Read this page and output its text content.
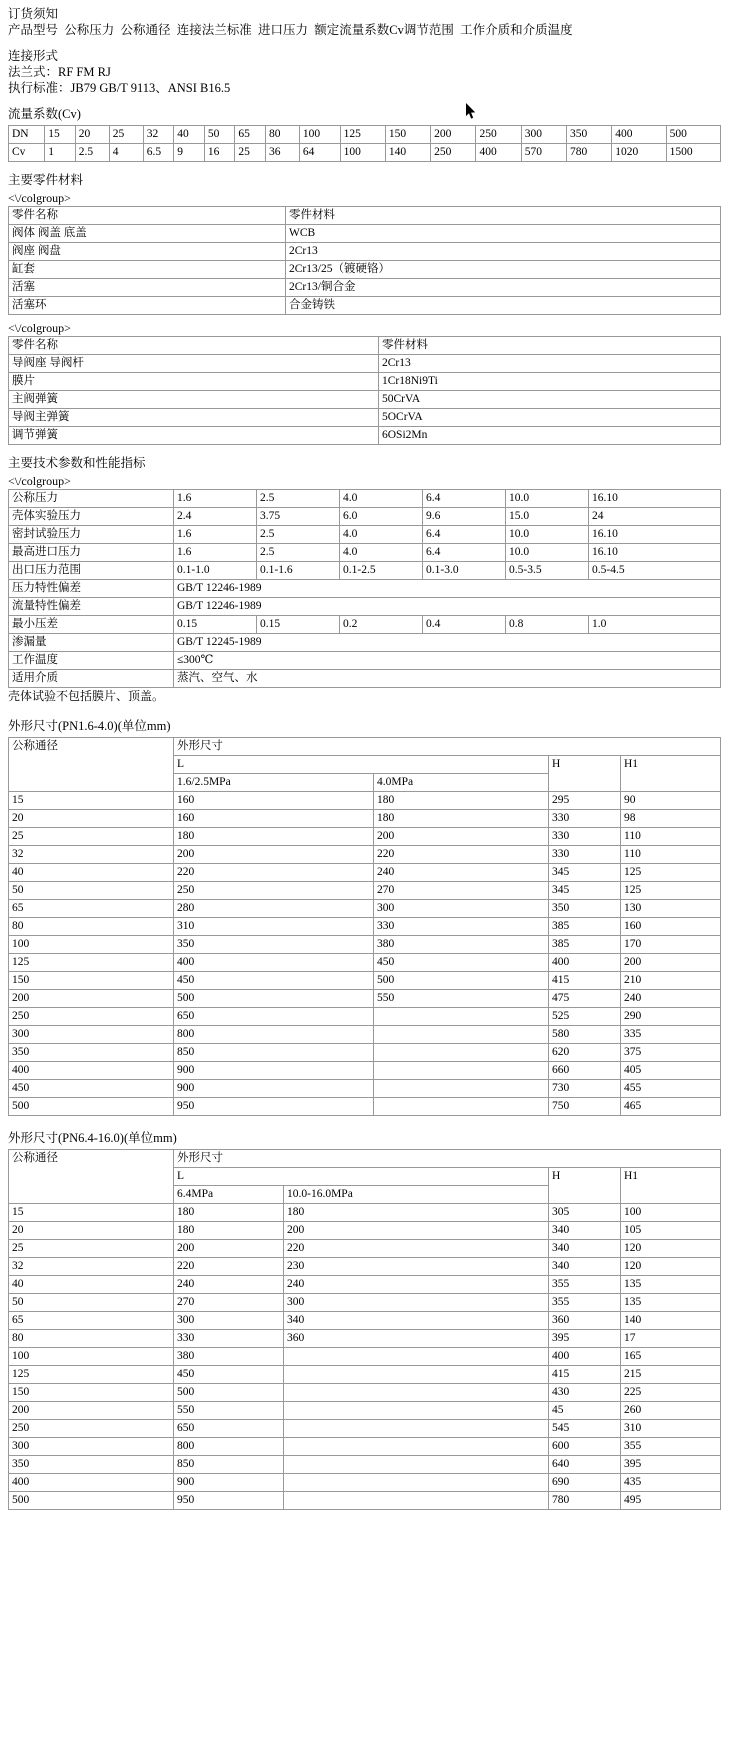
订货须知
产品型号  公称压力  公称通径  连接法兰标准  进口压力  额定流量系数Cv调节范围  工作介质和介质温度
连接形式
法兰式：RF FM RJ
执行标准：JB79 GB/T 9113、ANSI B16.5
流量系数(Cv)
DN	15	20	25	32	40	50	65	80	100	125	150	200	250	300	350	400	500
Cv	1	2.5	4	6.5	9	16	25	36	64	100	140	250	400	570	780	1020	1500
主要零件材料
<\/colgroup>
零件名称	零件材料
阀体 阀盖 底盖	WCB
阀座 阀盘	2Cr13
缸套	2Cr13/25（镀硬铬）
活塞	2Cr13/铜合金
活塞环	合金铸铁
<\/colgroup>
零件名称	零件材料
导阀座 导阀杆	2Cr13
膜片	1Cr18Ni9Ti
主阀弹簧	50CrVA
导阀主弹簧	5OCrVA
调节弹簧	6OSi2Mn
主要技术参数和性能指标
<\/colgroup>
公称压力	1.6	2.5	4.0	6.4	10.0	16.10
壳体实验压力	2.4	3.75	6.0	9.6	15.0	24
密封试验压力	1.6	2.5	4.0	6.4	10.0	16.10
最高进口压力	1.6	2.5	4.0	6.4	10.0	16.10
出口压力范围	0.1-1.0	0.1-1.6	0.1-2.5	0.1-3.0	0.5-3.5	0.5-4.5
压力特性偏差	GB/T 12246-1989					
流量特性偏差	GB/T 12246-1989					
最小压差	0.15	0.15	0.2	0.4	0.8	1.0
渗漏量	GB/T 12245-1989					
工作温度	≤300℃					
适用介质	蒸汽、空气、水					
壳体试验不包括膜片、顶盖。
外形尺寸(PN1.6-4.0)(单位mm)
公称通径	外形尺寸			
	L		H	H1
	1.6/2.5MPa	4.0MPa		
15	160	180	295	90
20	160	180	330	98
25	180	200	330	110
32	200	220	330	110
40	220	240	345	125
50	250	270	345	125
65	280	300	350	130
80	310	330	385	160
100	350	380	385	170
125	400	450	400	200
150	450	500	415	210
200	500	550	475	240
250	650		525	290
300	800		580	335
350	850		620	375
400	900		660	405
450	900		730	455
500	950		750	465
外形尺寸(PN6.4-16.0)(单位mm)
公称通径	外形尺寸			
	L		H	H1
	6.4MPa	10.0-16.0MPa		
15	180	180	305	100
20	180	200	340	105
25	200	220	340	120
32	220	230	340	120
40	240	240	355	135
50	270	300	355	135
65	300	340	360	140
80	330	360	395	17
100	380		400	165
125	450		415	215
150	500		430	225
200	550		45	260
250	650		545	310
300	800		600	355
350	850		640	395
400	900		690	435
500	950		780	495
